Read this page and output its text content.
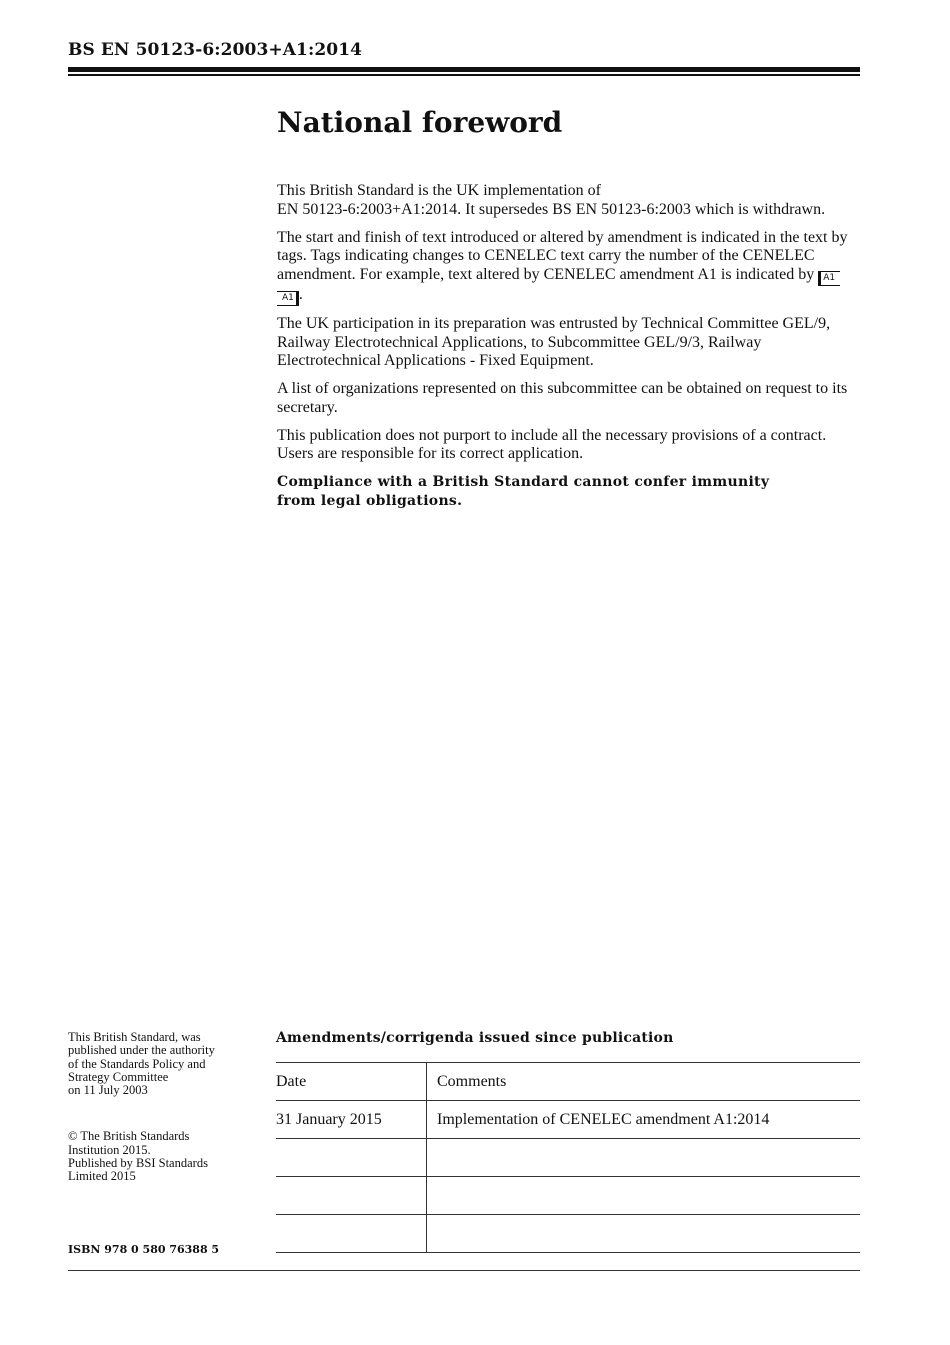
BS EN 50123-6:2003+A1:2014
National foreword

This British Standard is the UK implementation of
EN 50123-6:2003+A1:2014. It supersedes BS EN 50123-6:2003 which is withdrawn.

The start and finish of text introduced or altered by amendment is indicated in the text by tags. Tags indicating changes to CENELEC text carry the number of the CENELEC amendment. For example, text altered by CENELEC amendment A1 is indicated by A1 A1 .

The UK participation in its preparation was entrusted by Technical Committee GEL/9, Railway Electrotechnical Applications, to Subcommittee GEL/9/3, Railway Electrotechnical Applications - Fixed Equipment.

A list of organizations represented on this subcommittee can be obtained on request to its secretary.

This publication does not purport to include all the necessary provisions of a contract. Users are responsible for its correct application.

Compliance with a British Standard cannot confer immunity
from legal obligations.

This British Standard, was

published under the authority

of the Standards Policy and

Strategy Committee

on 11 July 2003

© The British Standards

Institution 2015.

Published by BSI Standards

Limited 2015

ISBN 978 0 580 76388 5
Amendments/corrigenda issued since publication
Date	Comments
31 January 2015	Implementation of CENELEC amendment A1:2014
